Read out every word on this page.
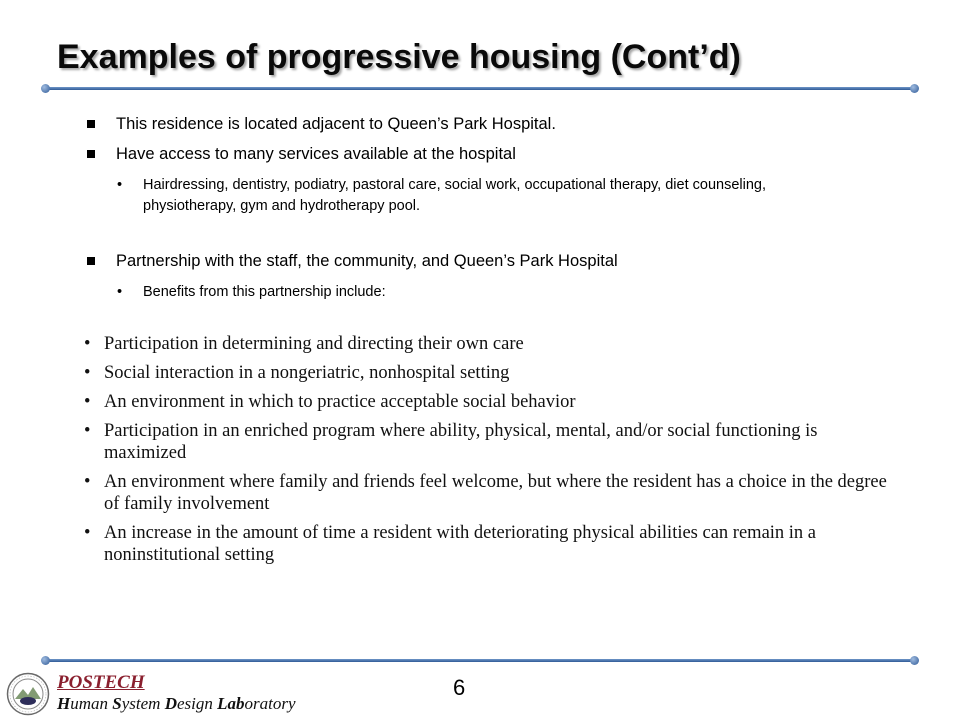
Examples of progressive housing (Cont’d)
This residence is located adjacent to Queen’s Park Hospital.
Have access to many services available at the hospital
• Hairdressing, dentistry, podiatry, pastoral care, social work, occupational therapy, diet counseling, physiotherapy, gym and hydrotherapy pool.
Partnership with the staff, the community, and Queen’s Park Hospital
• Benefits from this partnership include:
• Participation in determining and directing their own care
• Social interaction in a nongeriatric, nonhospital setting
• An environment in which to practice acceptable social behavior
• Participation in an enriched program where ability, physical, mental, and/or social functioning is maximized
• An environment where family and friends feel welcome, but where the resident has a choice in the degree of family involvement
• An increase in the amount of time a resident with deteriorating physical abilities can remain in a noninstitutional setting

POSTECH

Human System Design Laboratory

6
